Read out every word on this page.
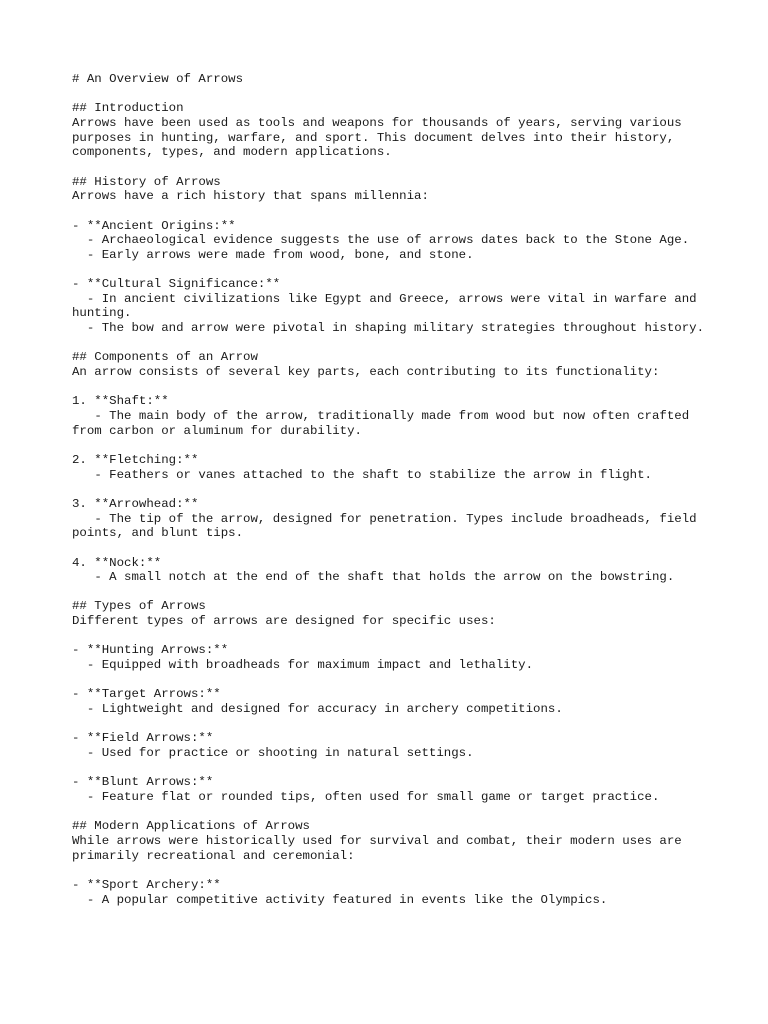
# An Overview of Arrows
## Introduction
Arrows have been used as tools and weapons for thousands of years, serving various purposes in hunting, warfare, and sport. This document delves into their history, components, types, and modern applications.
## History of Arrows
Arrows have a rich history that spans millennia:
- **Ancient Origins:**
- Archaeological evidence suggests the use of arrows dates back to the Stone Age.
- Early arrows were made from wood, bone, and stone.
- **Cultural Significance:**
- In ancient civilizations like Egypt and Greece, arrows were vital in warfare and hunting.
- The bow and arrow were pivotal in shaping military strategies throughout history.
## Components of an Arrow
An arrow consists of several key parts, each contributing to its functionality:
1. **Shaft:**
- The main body of the arrow, traditionally made from wood but now often crafted from carbon or aluminum for durability.
2. **Fletching:**
- Feathers or vanes attached to the shaft to stabilize the arrow in flight.
3. **Arrowhead:**
- The tip of the arrow, designed for penetration. Types include broadheads, field points, and blunt tips.
4. **Nock:**
- A small notch at the end of the shaft that holds the arrow on the bowstring.
## Types of Arrows
Different types of arrows are designed for specific uses:
- **Hunting Arrows:**
- Equipped with broadheads for maximum impact and lethality.
- **Target Arrows:**
- Lightweight and designed for accuracy in archery competitions.
- **Field Arrows:**
- Used for practice or shooting in natural settings.
- **Blunt Arrows:**
- Feature flat or rounded tips, often used for small game or target practice.
## Modern Applications of Arrows
While arrows were historically used for survival and combat, their modern uses are primarily recreational and ceremonial:
- **Sport Archery:**
- A popular competitive activity featured in events like the Olympics.
